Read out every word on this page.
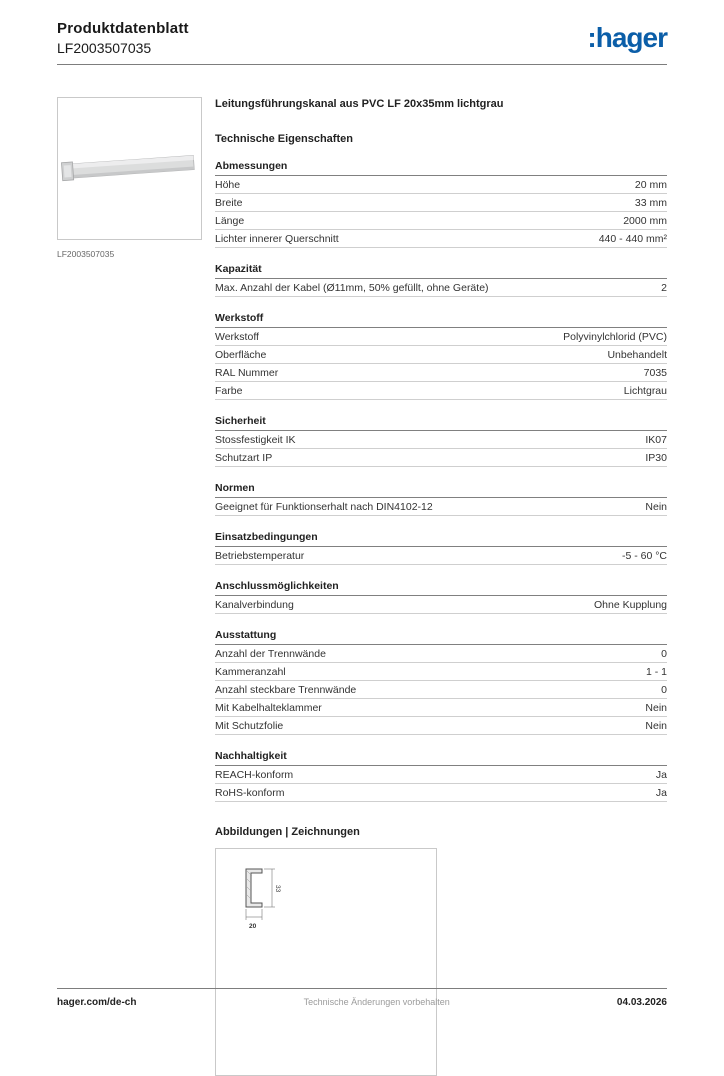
Produktdatenblatt
LF2003507035	:hager
LF2003507035
Leitungsführungskanal aus PVC LF 20x35mm lichtgrau
Technische Eigenschaften
Abmessungen
Höhe	20 mm
Breite	33 mm
Länge	2000 mm
Lichter innerer Querschnitt	440 - 440 mm²
Kapazität
Max. Anzahl der Kabel (Ø11mm, 50% gefüllt, ohne Geräte)	2
Werkstoff
Werkstoff	Polyvinylchlorid (PVC)
Oberfläche	Unbehandelt
RAL Nummer	7035
Farbe	Lichtgrau
Sicherheit
Stossfestigkeit IK	IK07
Schutzart IP	IP30
Normen
Geeignet für Funktionserhalt nach DIN4102-12	Nein
Einsatzbedingungen
Betriebstemperatur	-5 - 60 °C
Anschlussmöglichkeiten
Kanalverbindung	Ohne Kupplung
Ausstattung
Anzahl der Trennwände	0
Kammeranzahl	1 - 1
Anzahl steckbare Trennwände	0
Mit Kabelhalteklammer	Nein
Mit Schutzfolie	Nein
Nachhaltigkeit
REACH-konform	Ja
RoHS-konform	Ja
Abbildungen | Zeichnungen
33
20
hager.com/de-ch	Technische Änderungen vorbehalten	04.03.2026
